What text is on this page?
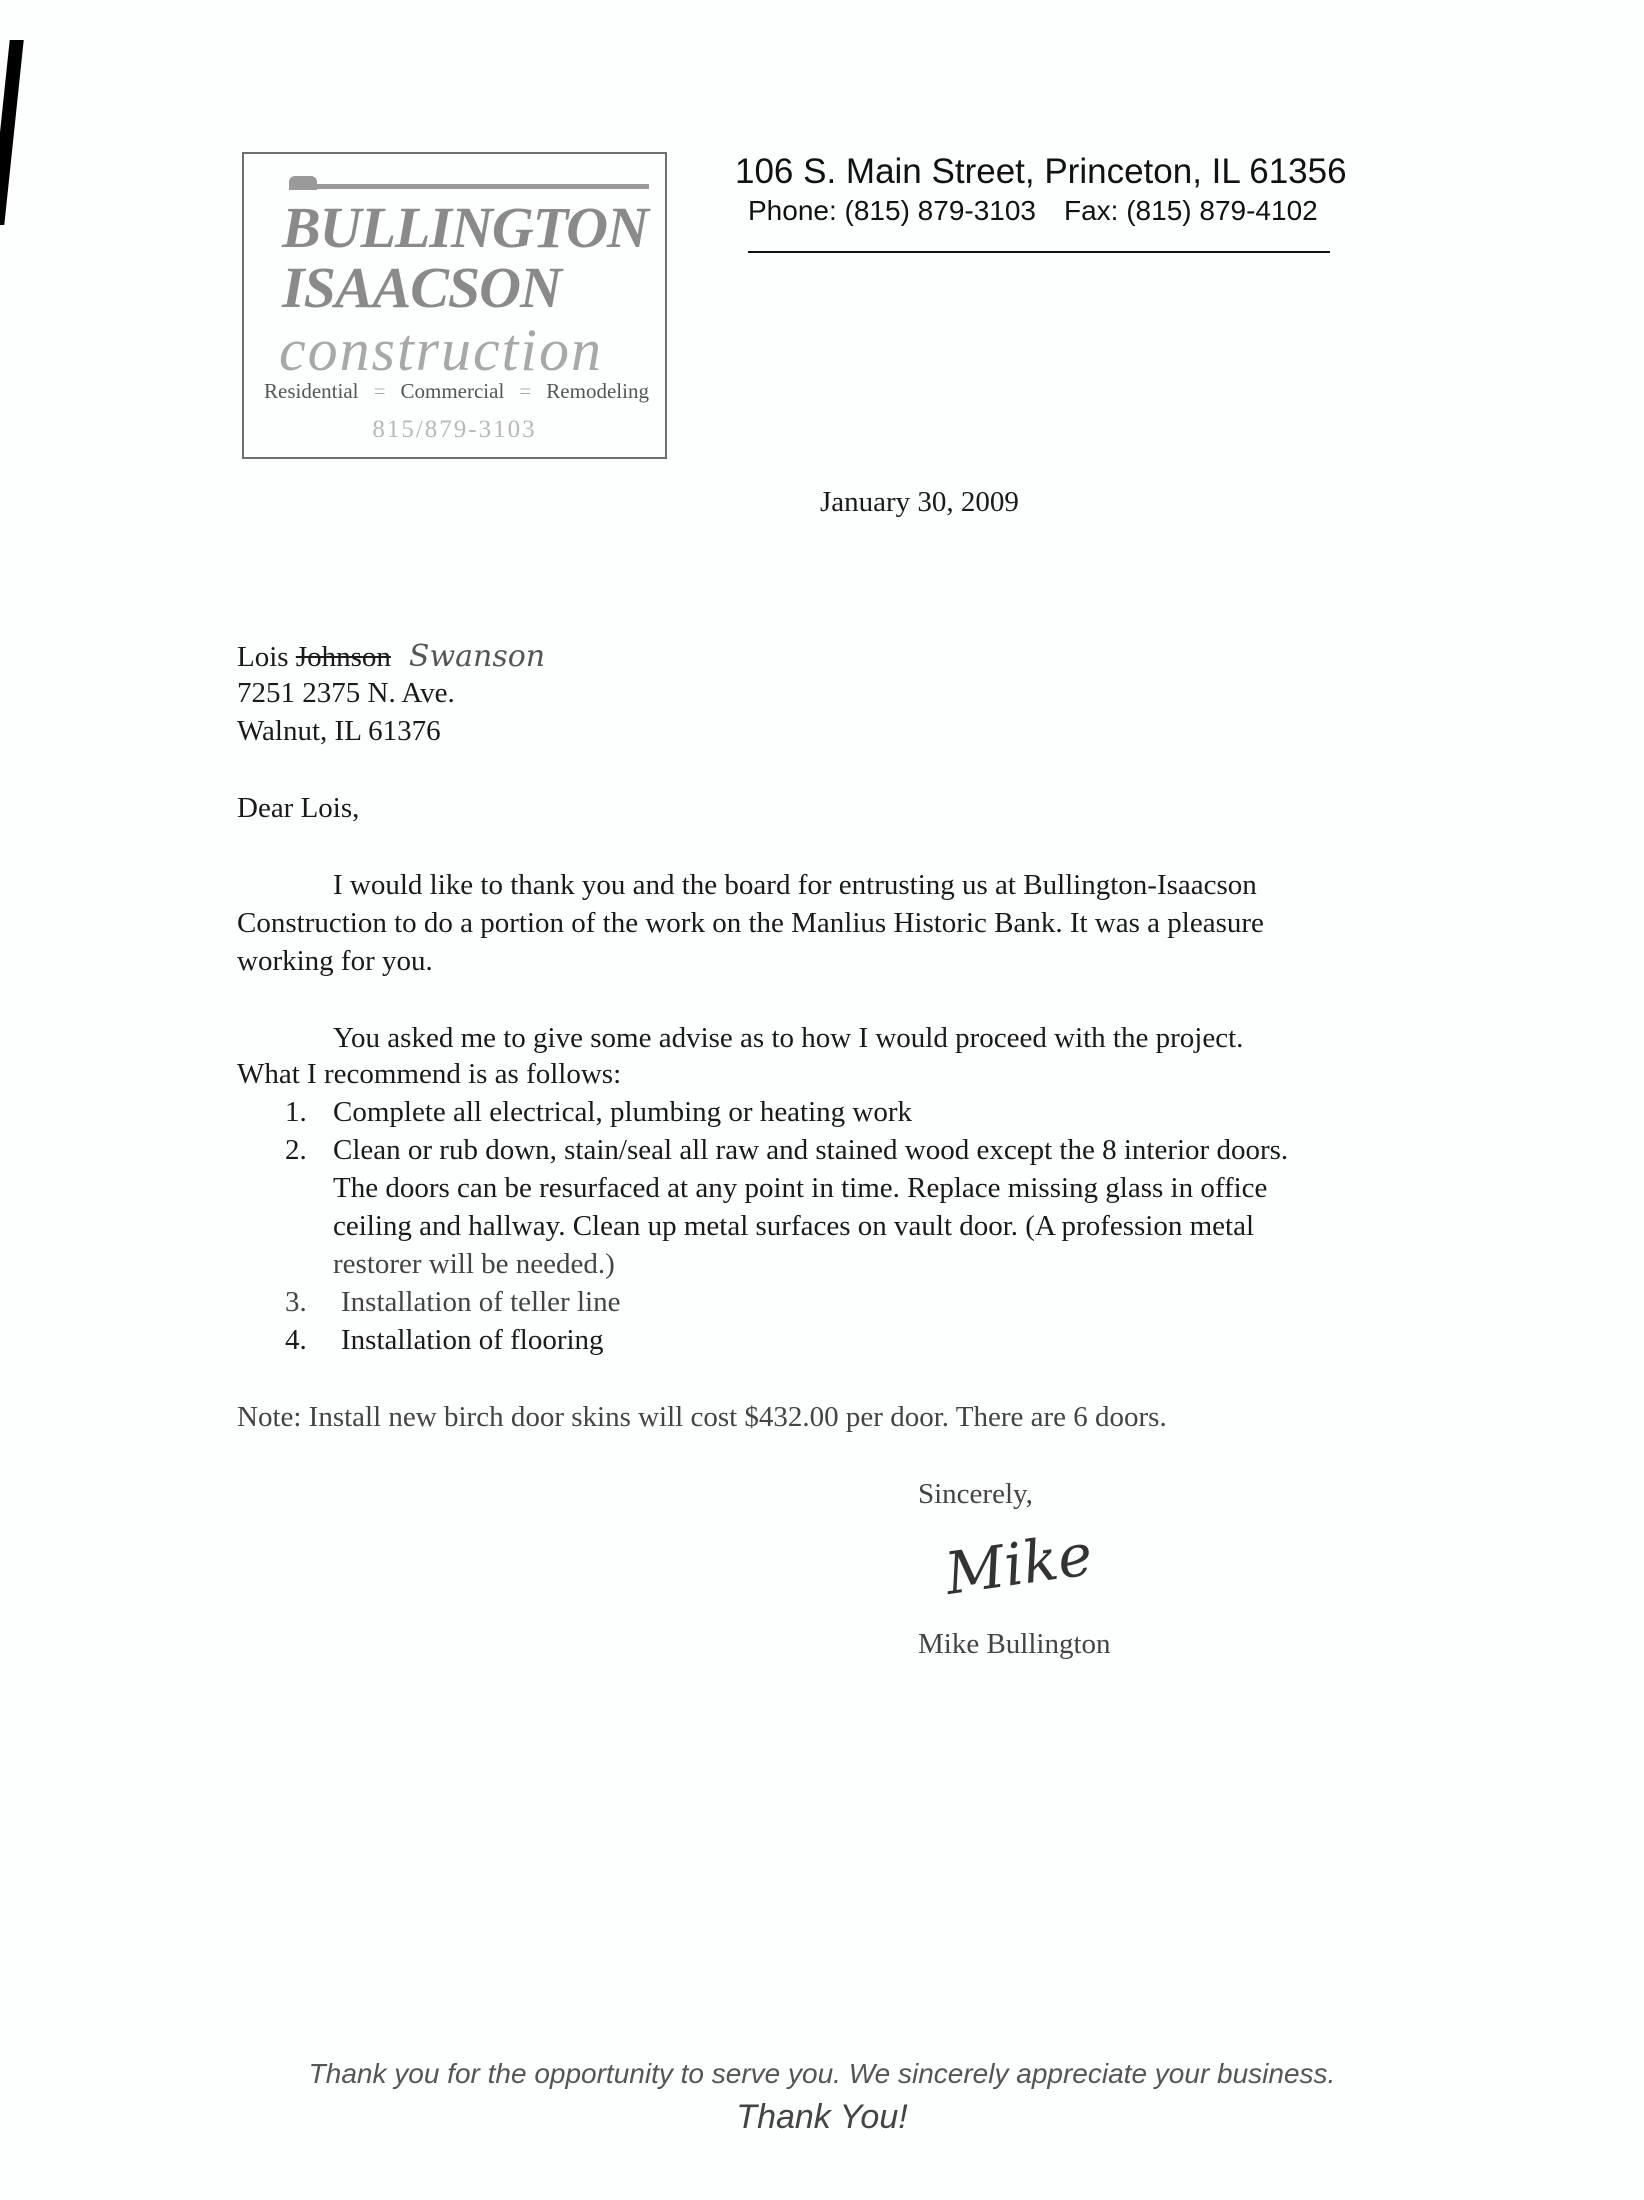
BULLINGTON
ISAACSON
construction
Residential = Commercial = Remodeling
815/879-3103
106 S. Main Street, Princeton, IL 61356
Phone: (815) 879-3103 Fax: (815) 879-4102
January 30, 2009
Lois Johnson Swanson
7251 2375 N. Ave.
Walnut, IL 61376
Dear Lois,
I would like to thank you and the board for entrusting us at Bullington-Isaacson
Construction to do a portion of the work on the Manlius Historic Bank. It was a pleasure
working for you.
You asked me to give some advise as to how I would proceed with the project.
What I recommend is as follows:
1. Complete all electrical, plumbing or heating work
2. Clean or rub down, stain/seal all raw and stained wood except the 8 interior doors.
The doors can be resurfaced at any point in time. Replace missing glass in office
ceiling and hallway. Clean up metal surfaces on vault door. (A profession metal
restorer will be needed.)
3. Installation of teller line
4. Installation of flooring
Note: Install new birch door skins will cost $432.00 per door. There are 6 doors.
Sincerely,
Mike
Mike Bullington
Thank you for the opportunity to serve you. We sincerely appreciate your business.
Thank You!
